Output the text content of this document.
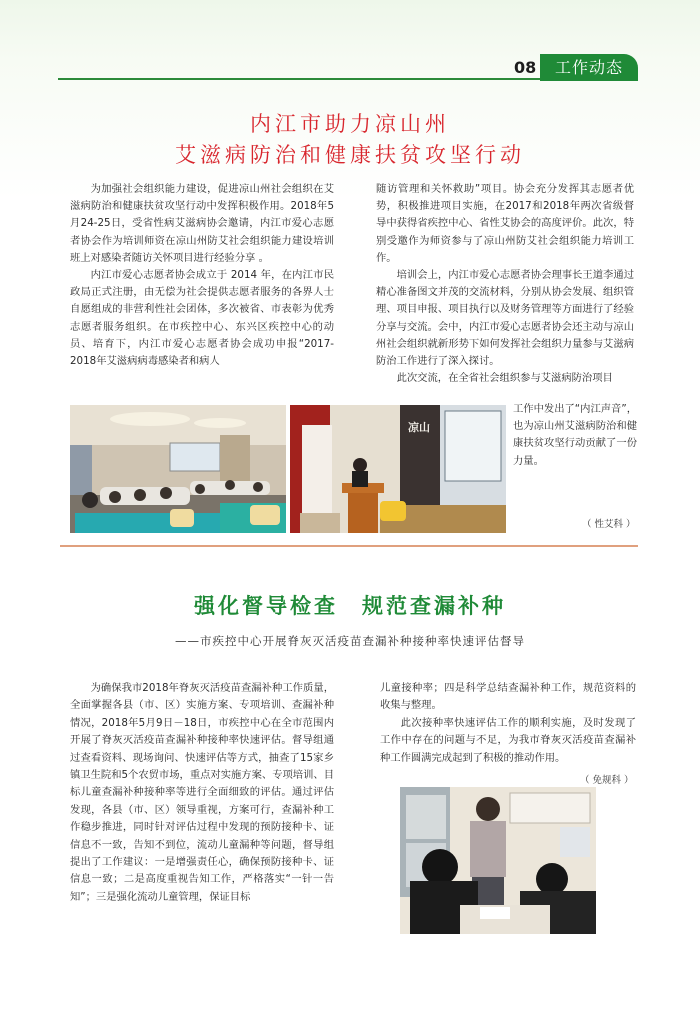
08	工作动态
内江市助力凉山州
艾滋病防治和健康扶贫攻坚行动

为加强社会组织能力建设，促进凉山州社会组织在艾滋病防治和健康扶贫攻坚行动中发挥积极作用。2018年5月24-25日，受省性病艾滋病协会邀请，内江市爱心志愿者协会作为培训师资在凉山州防艾社会组织能力建设培训班上对感染者随访关怀项目进行经验分享 。

内江市爱心志愿者协会成立于 2014 年，在内江市民政局正式注册，由无偿为社会提供志愿者服务的各界人士自愿组成的非营利性社会团体，多次被省、市表彰为优秀志愿者服务组织。在市疾控中心、东兴区疾控中心的动员、培育下，内江市爱心志愿者协会成功申报“2017-2018年艾滋病病毒感染者和病人

随访管理和关怀救助”项目。协会充分发挥其志愿者优势，积极推进项目实施，在2017和2018年两次省级督导中获得省疾控中心、省性艾协会的高度评价。此次，特别受邀作为师资参与了凉山州防艾社会组织能力培训工作。

培训会上，内江市爱心志愿者协会理事长王道李通过精心准备图文并茂的交流材料，分别从协会发展、组织管理、项目申报、项目执行以及财务管理等方面进行了经验分享与交流。会中，内江市爱心志愿者协会还主动与凉山州社会组织就新形势下如何发挥社会组织力量参与艾滋病防治工作进行了深入探讨。

此次交流，在全省社会组织参与艾滋病防治项目

工作中发出了“内江声音”，也为凉山州艾滋病防治和健康扶贫攻坚行动贡献了一份力量。

（ 性艾科 ）
凉山
强化督导检查　规范查漏补种
——市疾控中心开展脊灰灭活疫苗查漏补种接种率快速评估督导

为确保我市2018年脊灰灭活疫苗查漏补种工作质量，全面掌握各县（市、区）实施方案、专项培训、查漏补种情况，2018年5月9日－18日，市疾控中心在全市范围内开展了脊灰灭活疫苗查漏补种接种率快速评估。督导组通过查看资料、现场询问、快速评估等方式，抽查了15家乡镇卫生院和5个农贸市场，重点对实施方案、专项培训、目标儿童查漏补种接种率等进行全面细致的评估。通过评估发现，各县（市、区）领导重视，方案可行，查漏补种工作稳步推进，同时针对评估过程中发现的预防接种卡、证信息不一致，告知不到位，流动儿童漏种等问题，督导组提出了工作建议：一是增强责任心，确保预防接种卡、证信息一致；二是高度重视告知工作，严格落实“一针一告知”；三是强化流动儿童管理，保证目标

儿童接种率；四是科学总结查漏补种工作，规范资料的收集与整理。

此次接种率快速评估工作的顺利实施，及时发现了工作中存在的问题与不足，为我市脊灰灭活疫苗查漏补种工作圆满完成起到了积极的推动作用。

（ 免规科 ）
